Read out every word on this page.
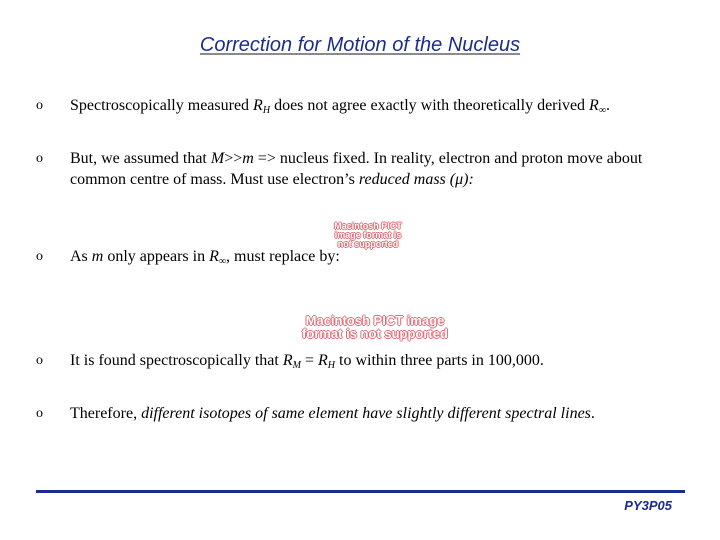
Correction for Motion of the Nucleus
o	Spectroscopically measured $R_H$ does not agree exactly with theoretically derived $R_\infty$.
o	But, we assumed that M>>m => nucleus fixed. In reality, electron and proton move about common centre of mass. Must use electron’s reduced mass (μ):
Macintosh PICT image format is not supported
o	As m only appears in $R_\infty$, must replace by:
Macintosh PICT image format is not supported
o	It is found spectroscopically that $R_M = R_H$ to within three parts in 100,000.
o	Therefore, different isotopes of same element have slightly different spectral lines.
PY3P05
